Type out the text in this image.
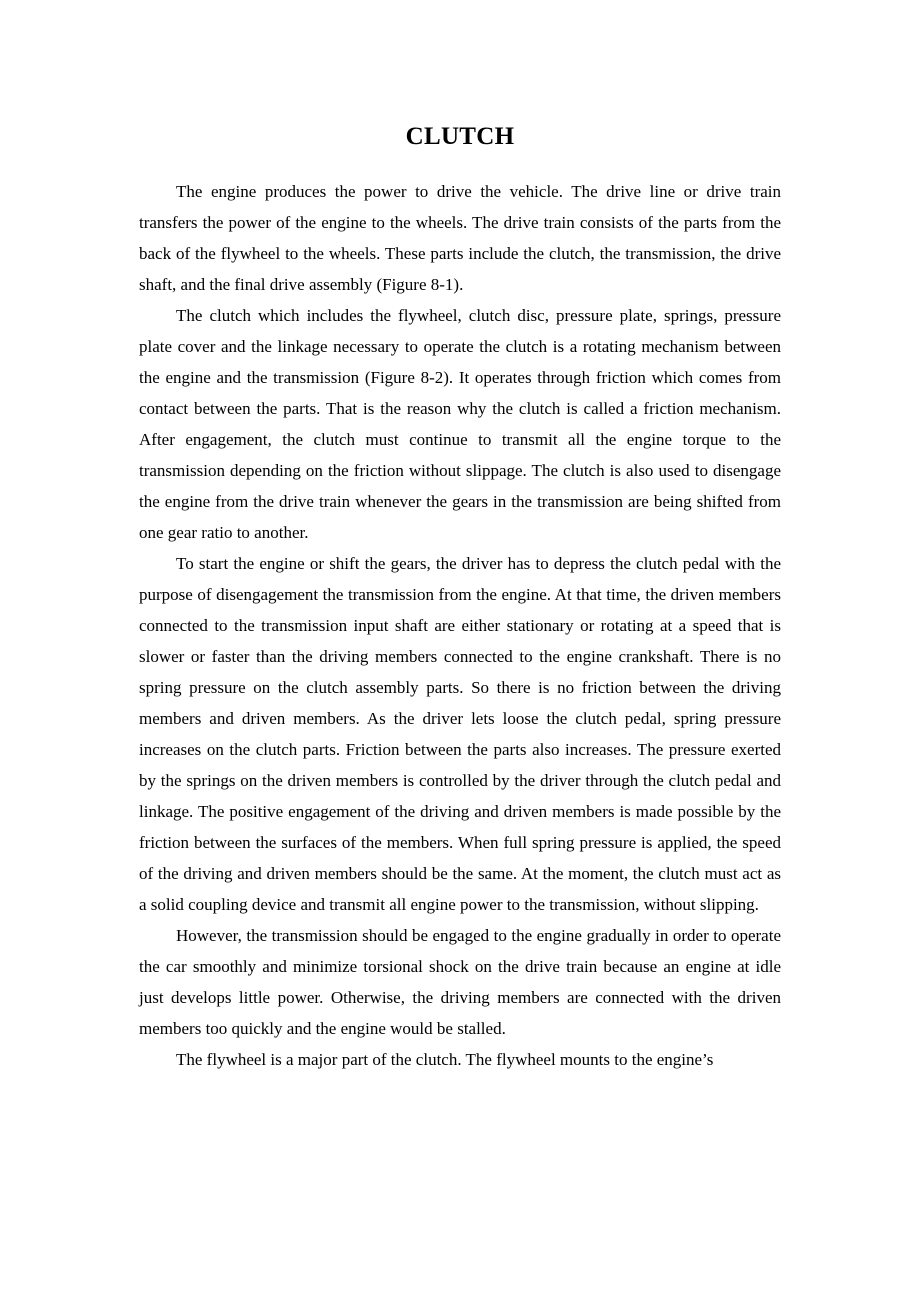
CLUTCH

The engine produces the power to drive the vehicle. The drive line or drive train transfers the power of the engine to the wheels. The drive train consists of the parts from the back of the flywheel to the wheels. These parts include the clutch, the transmission, the drive shaft, and the final drive assembly (Figure 8-1).

The clutch which includes the flywheel, clutch disc, pressure plate, springs, pressure plate cover and the linkage necessary to operate the clutch is a rotating mechanism between the engine and the transmission (Figure 8-2). It operates through friction which comes from contact between the parts. That is the reason why the clutch is called a friction mechanism. After engagement, the clutch must continue to transmit all the engine torque to the transmission depending on the friction without slippage. The clutch is also used to disengage the engine from the drive train whenever the gears in the transmission are being shifted from one gear ratio to another.

To start the engine or shift the gears, the driver has to depress the clutch pedal with the purpose of disengagement the transmission from the engine. At that time, the driven members connected to the transmission input shaft are either stationary or rotating at a speed that is slower or faster than the driving members connected to the engine crankshaft. There is no spring pressure on the clutch assembly parts. So there is no friction between the driving members and driven members. As the driver lets loose the clutch pedal, spring pressure increases on the clutch parts. Friction between the parts also increases. The pressure exerted by the springs on the driven members is controlled by the driver through the clutch pedal and linkage. The positive engagement of the driving and driven members is made possible by the friction between the surfaces of the members. When full spring pressure is applied, the speed of the driving and driven members should be the same. At the moment, the clutch must act as a solid coupling device and transmit all engine power to the transmission, without slipping.

However, the transmission should be engaged to the engine gradually in order to operate the car smoothly and minimize torsional shock on the drive train because an engine at idle just develops little power. Otherwise, the driving members are connected with the driven members too quickly and the engine would be stalled.

The flywheel is a major part of the clutch. The flywheel mounts to the engine’s
